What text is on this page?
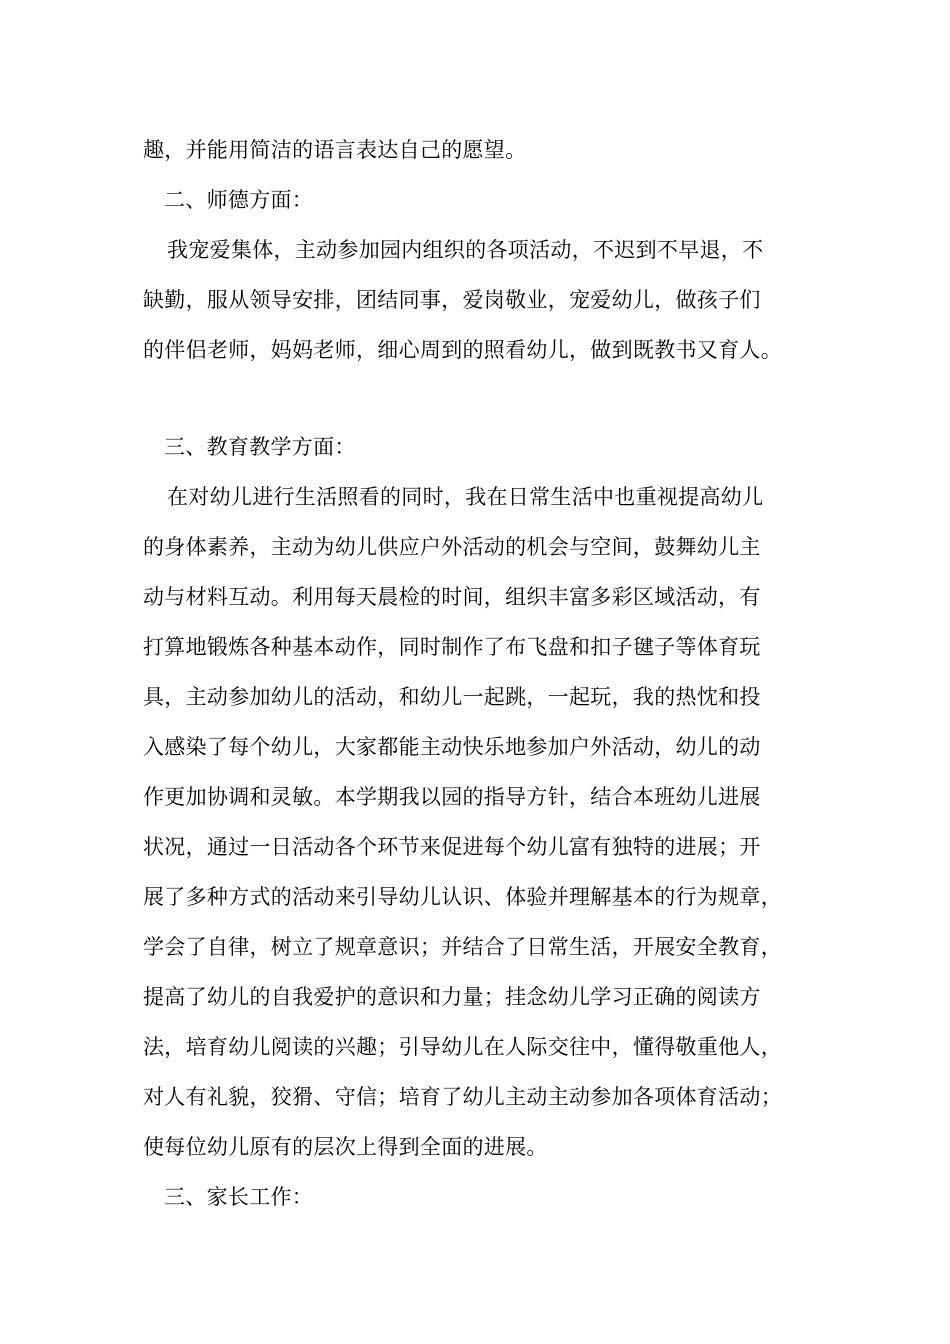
趣，并能用简洁的语言表达自己的愿望。
二、师德方面：
我宠爱集体，主动参加园内组织的各项活动，不迟到不早退，不
缺勤，服从领导安排，团结同事，爱岗敬业，宠爱幼儿，做孩子们
的伴侣老师，妈妈老师，细心周到的照看幼儿，做到既教书又育人。
三、教育教学方面：
在对幼儿进行生活照看的同时，我在日常生活中也重视提高幼儿
的身体素养，主动为幼儿供应户外活动的机会与空间，鼓舞幼儿主
动与材料互动。利用每天晨检的时间，组织丰富多彩区域活动，有
打算地锻炼各种基本动作，同时制作了布飞盘和扣子毽子等体育玩
具，主动参加幼儿的活动，和幼儿一起跳，一起玩，我的热忱和投
入感染了每个幼儿，大家都能主动快乐地参加户外活动，幼儿的动
作更加协调和灵敏。本学期我以园的指导方针，结合本班幼儿进展
状况，通过一日活动各个环节来促进每个幼儿富有独特的进展；开
展了多种方式的活动来引导幼儿认识、体验并理解基本的行为规章，
学会了自律，树立了规章意识；并结合了日常生活，开展安全教育，
提高了幼儿的自我爱护的意识和力量；挂念幼儿学习正确的阅读方
法，培育幼儿阅读的兴趣；引导幼儿在人际交往中，懂得敬重他人，
对人有礼貌，狡猾、守信；培育了幼儿主动主动参加各项体育活动；
使每位幼儿原有的层次上得到全面的进展。
三、家长工作：
